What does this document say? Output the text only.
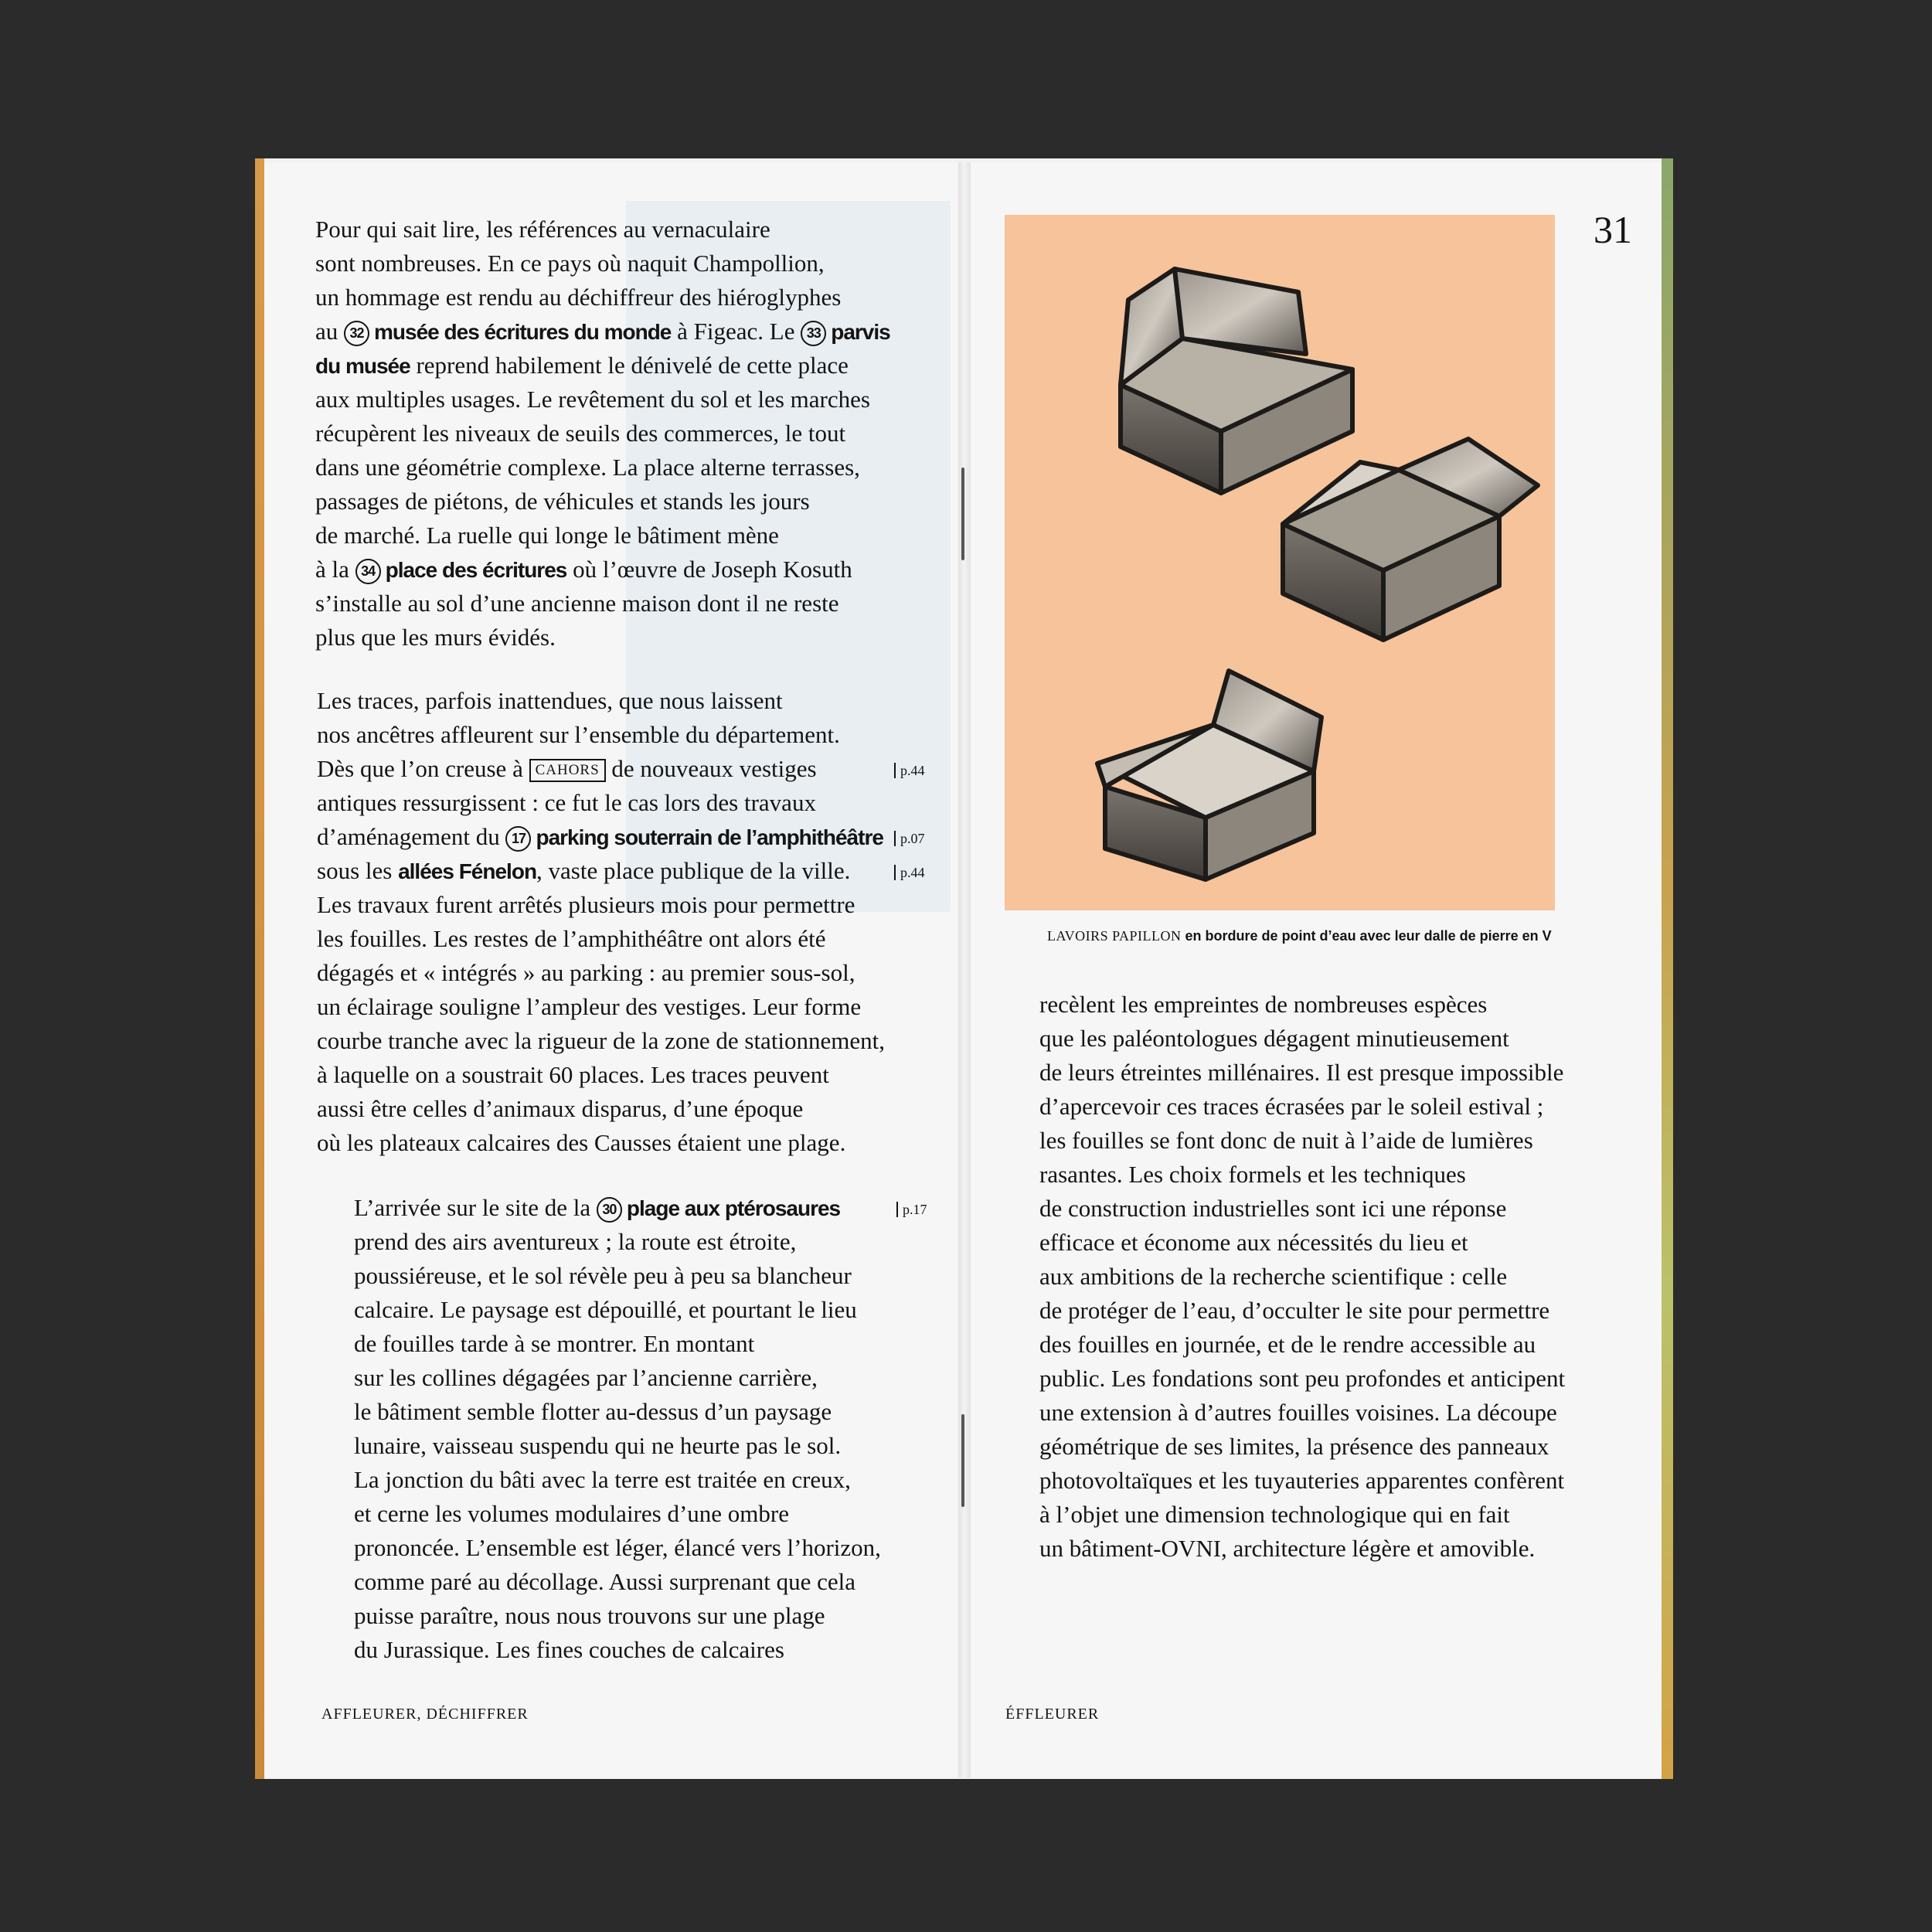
Pour qui sait lire, les références au vernaculaire
sont nombreuses. En ce pays où naquit Champollion,
un hommage est rendu au déchiffreur des hiéroglyphes
au 32 musée des écritures du monde à Figeac. Le 33 parvis
du musée reprend habilement le dénivelé de cette place
aux multiples usages. Le revêtement du sol et les marches
récupèrent les niveaux de seuils des commerces, le tout
dans une géométrie complexe. La place alterne terrasses,
passages de piétons, de véhicules et stands les jours
de marché. La ruelle qui longe le bâtiment mène
à la 34 place des écritures où l’œuvre de Joseph Kosuth
s’installe au sol d’une ancienne maison dont il ne reste
plus que les murs évidés.
Les traces, parfois inattendues, que nous laissent
nos ancêtres affleurent sur l’ensemble du département.
Dès que l’on creuse à CAHORS de nouveaux vestiges
antiques ressurgissent : ce fut le cas lors des travaux
d’aménagement du 17 parking souterrain de l’amphithéâtre
sous les allées Fénelon, vaste place publique de la ville.
Les travaux furent arrêtés plusieurs mois pour permettre
les fouilles. Les restes de l’amphithéâtre ont alors été
dégagés et « intégrés » au parking : au premier sous-sol,
un éclairage souligne l’ampleur des vestiges. Leur forme
courbe tranche avec la rigueur de la zone de stationnement,
à laquelle on a soustrait 60 places. Les traces peuvent
aussi être celles d’animaux disparus, d’une époque
où les plateaux calcaires des Causses étaient une plage.
L’arrivée sur le site de la 30 plage aux ptérosaures
prend des airs aventureux ; la route est étroite,
poussiéreuse, et le sol révèle peu à peu sa blancheur
calcaire. Le paysage est dépouillé, et pourtant le lieu
de fouilles tarde à se montrer. En montant
sur les collines dégagées par l’ancienne carrière,
le bâtiment semble flotter au-dessus d’un paysage
lunaire, vaisseau suspendu qui ne heurte pas le sol.
La jonction du bâti avec la terre est traitée en creux,
et cerne les volumes modulaires d’une ombre
prononcée. L’ensemble est léger, élancé vers l’horizon,
comme paré au décollage. Aussi surprenant que cela
puisse paraître, nous nous trouvons sur une plage
du Jurassique. Les fines couches de calcaires
p.44
p.07
p.44
p.17
AFFLEURER, DÉCHIFFRER
31
LAVOIRS PAPILLON en bordure de point d’eau avec leur dalle de pierre en V
recèlent les empreintes de nombreuses espèces
que les paléontologues dégagent minutieusement
de leurs étreintes millénaires. Il est presque impossible
d’apercevoir ces traces écrasées par le soleil estival ;
les fouilles se font donc de nuit à l’aide de lumières
rasantes. Les choix formels et les techniques
de construction industrielles sont ici une réponse
efficace et économe aux nécessités du lieu et
aux ambitions de la recherche scientifique : celle
de protéger de l’eau, d’occulter le site pour permettre
des fouilles en journée, et de le rendre accessible au
public. Les fondations sont peu profondes et anticipent
une extension à d’autres fouilles voisines. La découpe
géométrique de ses limites, la présence des panneaux
photovoltaïques et les tuyauteries apparentes confèrent
à l’objet une dimension technologique qui en fait
un bâtiment-OVNI, architecture légère et amovible.
ÉFFLEURER
